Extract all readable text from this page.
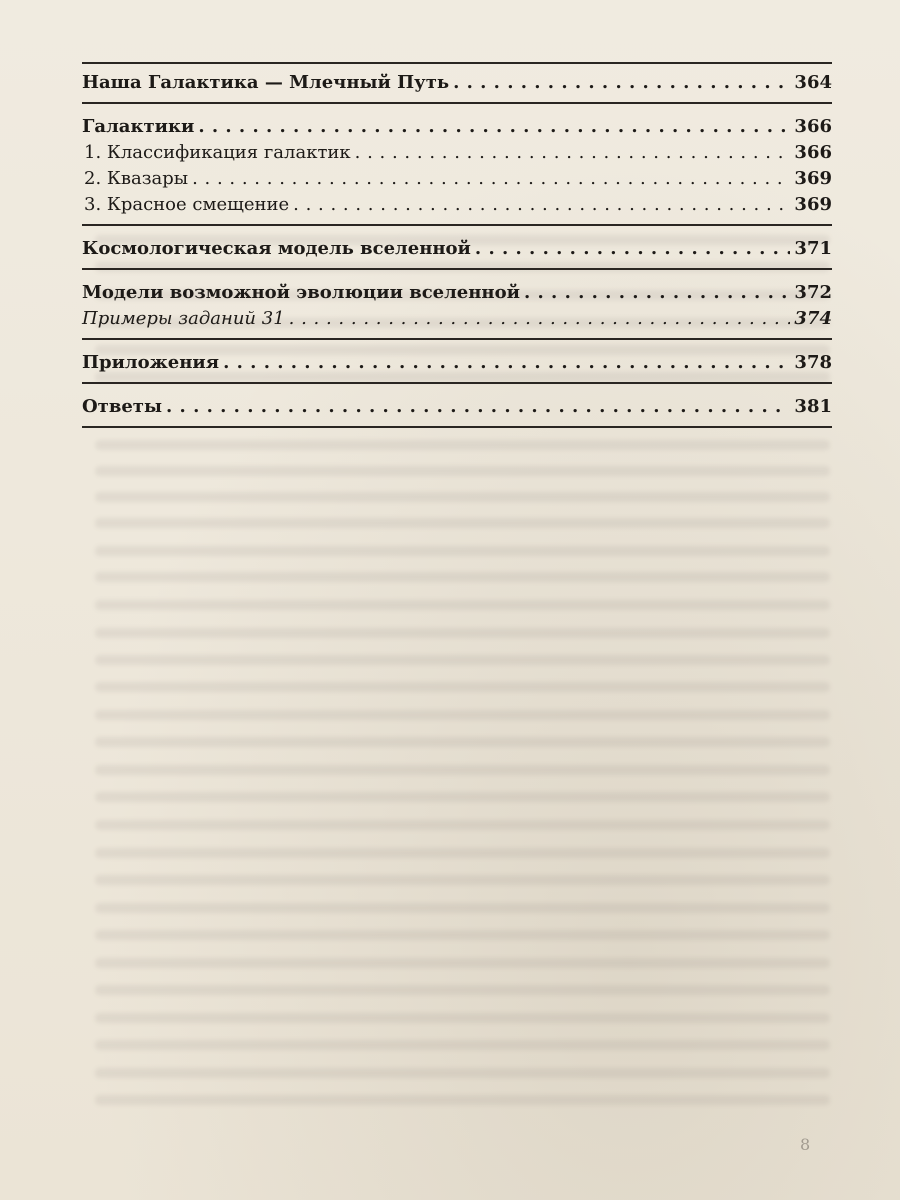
Наша Галактика — Млечный Путь . . .	364
Галактики . . .	366
1. Классификация галактик . . .	366
2. Квазары . . .	369
3. Красное смещение . . .	369
Космологическая модель вселенной . . .	371
Модели возможной эволюции вселенной . . .	372
Примеры заданий 31 . . .	374
Приложения . . .	378
Ответы . . .	381
8
